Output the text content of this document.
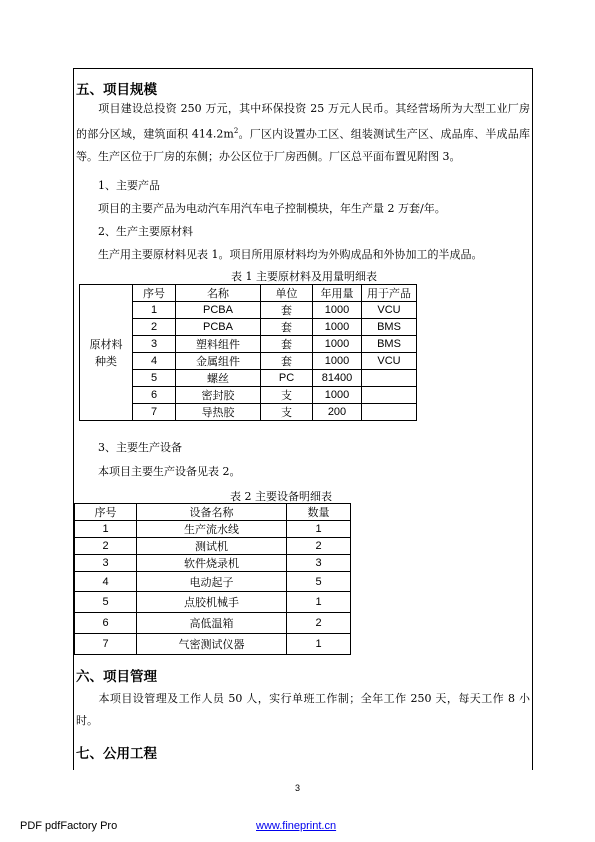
五、项目规模
项目建设总投资 250 万元，其中环保投资 25 万元人民币。其经营场所为大型工业厂房的部分区域，建筑面积 $414.2m^2$。厂区内设置办工区、组装测试生产区、成品库、半成品库等。生产区位于厂房的东侧；办公区位于厂房西侧。厂区总平面布置见附图 3。
1、主要产品
项目的主要产品为电动汽车用汽车电子控制模块，年生产量 2 万套/年。
2、生产主要原材料
生产用主要原材料见表 1。项目所用原材料均为外购成品和外协加工的半成品。
表 1 主要原材料及用量明细表
原材料种类	序号	名称	单位	年用量	用于产品
	1	PCBA	套	1000	VCU
	2	PCBA	套	1000	BMS
	3	塑料组件	套	1000	BMS
	4	金属组件	套	1000	VCU
	5	螺丝	PC	81400	
	6	密封胶	支	1000	
	7	导热胶	支	200	
3、主要生产设备
本项目主要生产设备见表 2。
表 2 主要设备明细表
序号	设备名称	数量
1	生产流水线	1
2	测试机	2
3	软件烧录机	3
4	电动起子	5
5	点胶机械手	1
6	高低温箱	2
7	气密测试仪器	1
六、项目管理
本项目设管理及工作人员 50 人，实行单班工作制；全年工作 250 天，每天工作 8 小时。
七、公用工程
3
PDF pdfFactory Pro	www.fineprint.cn
